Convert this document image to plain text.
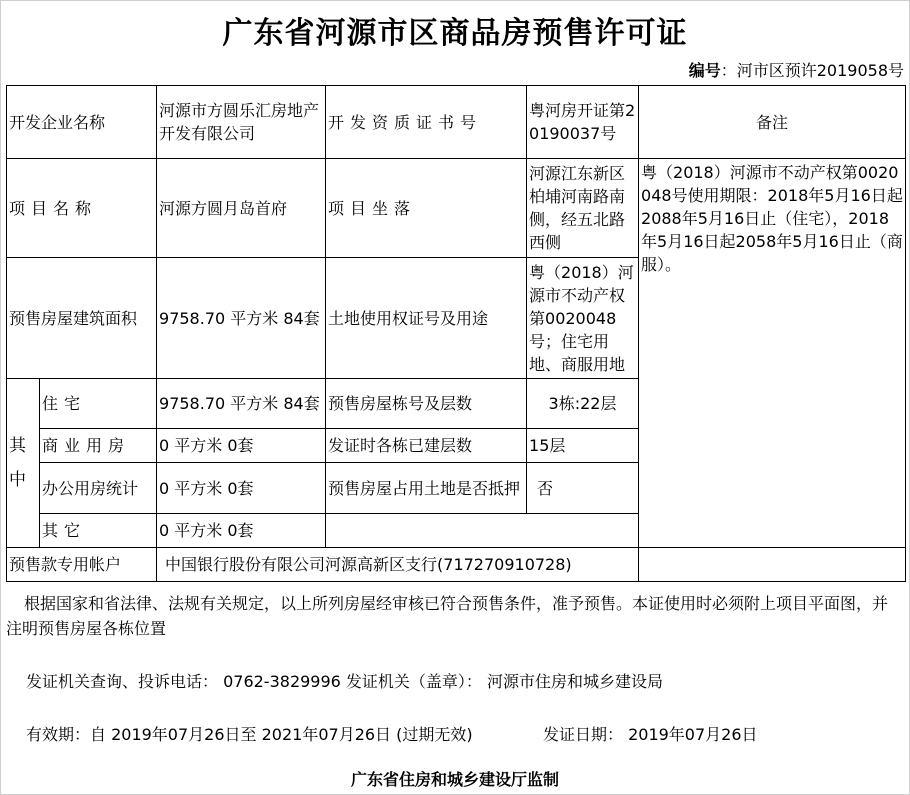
广东省河源市区商品房预售许可证
编号：河市区预许2019058号
开发企业名称		河源市方圆乐汇房地产开发有限公司	开发资质证书号	粤河房开证第20190037号	备注	
项目名称		河源方圆月岛首府	项目坐落	河源江东新区柏埔河南路南侧，经五北路西侧	粤（2018）河源市不动产权第0020048号使用期限：2018年5月16日起2088年5月16日止（住宅），2018年5月16日起2058年5月16日止（商服）。	
预售房屋建筑面积		9758.70 平方米 84套	土地使用权证号及用途	粤（2018）河源市不动产权第0020048号；住宅用地、商服用地		
其中	住宅	9758.70 平方米 84套	预售房屋栋号及层数	3栋:22层		
	商业用房	0 平方米 0套	发证时各栋已建层数	15层		
	办公用房统计	0 平方米 0套	预售房屋占用土地是否抵押	否		
	其它	0 平方米 0套				
预售款专用帐户		中国银行股份有限公司河源高新区支行(717270910728)				
根据国家和省法律、法规有关规定，以上所列房屋经审核已符合预售条件，准予预售。本证使用时必须附上项目平面图，并注明预售房屋各栋位置
发证机关查询、投诉电话： 0762-3829996 发证机关（盖章）： 河源市住房和城乡建设局
有效期：自 2019年07月26日至 2021年07月26日 (过期无效)	发证日期： 2019年07月26日
广东省住房和城乡建设厅监制
